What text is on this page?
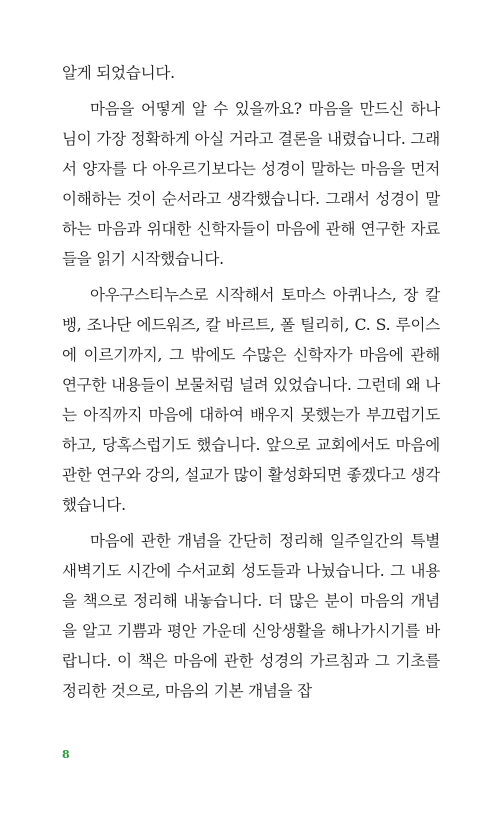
알게 되었습니다.

마음을 어떻게 알 수 있을까요? 마음을 만드신 하나님이 가장 정확하게 아실 거라고 결론을 내렸습니다. 그래서 양자를 다 아우르기보다는 성경이 말하는 마음을 먼저 이해하는 것이 순서라고 생각했습니다. 그래서 성경이 말하는 마음과 위대한 신학자들이 마음에 관해 연구한 자료들을 읽기 시작했습니다.

아우구스티누스로 시작해서 토마스 아퀴나스, 장 칼뱅, 조나단 에드워즈, 칼 바르트, 폴 틸리히, C. S. 루이스에 이르기까지, 그 밖에도 수많은 신학자가 마음에 관해 연구한 내용들이 보물처럼 널려 있었습니다. 그런데 왜 나는 아직까지 마음에 대하여 배우지 못했는가 부끄럽기도 하고, 당혹스럽기도 했습니다. 앞으로 교회에서도 마음에 관한 연구와 강의, 설교가 많이 활성화되면 좋겠다고 생각했습니다.

마음에 관한 개념을 간단히 정리해 일주일간의 특별새벽기도 시간에 수서교회 성도들과 나눴습니다. 그 내용을 책으로 정리해 내놓습니다. 더 많은 분이 마음의 개념을 알고 기쁨과 평안 가운데 신앙생활을 해나가시기를 바랍니다. 이 책은 마음에 관한 성경의 가르침과 그 기초를 정리한 것으로, 마음의 기본 개념을 잡

8
